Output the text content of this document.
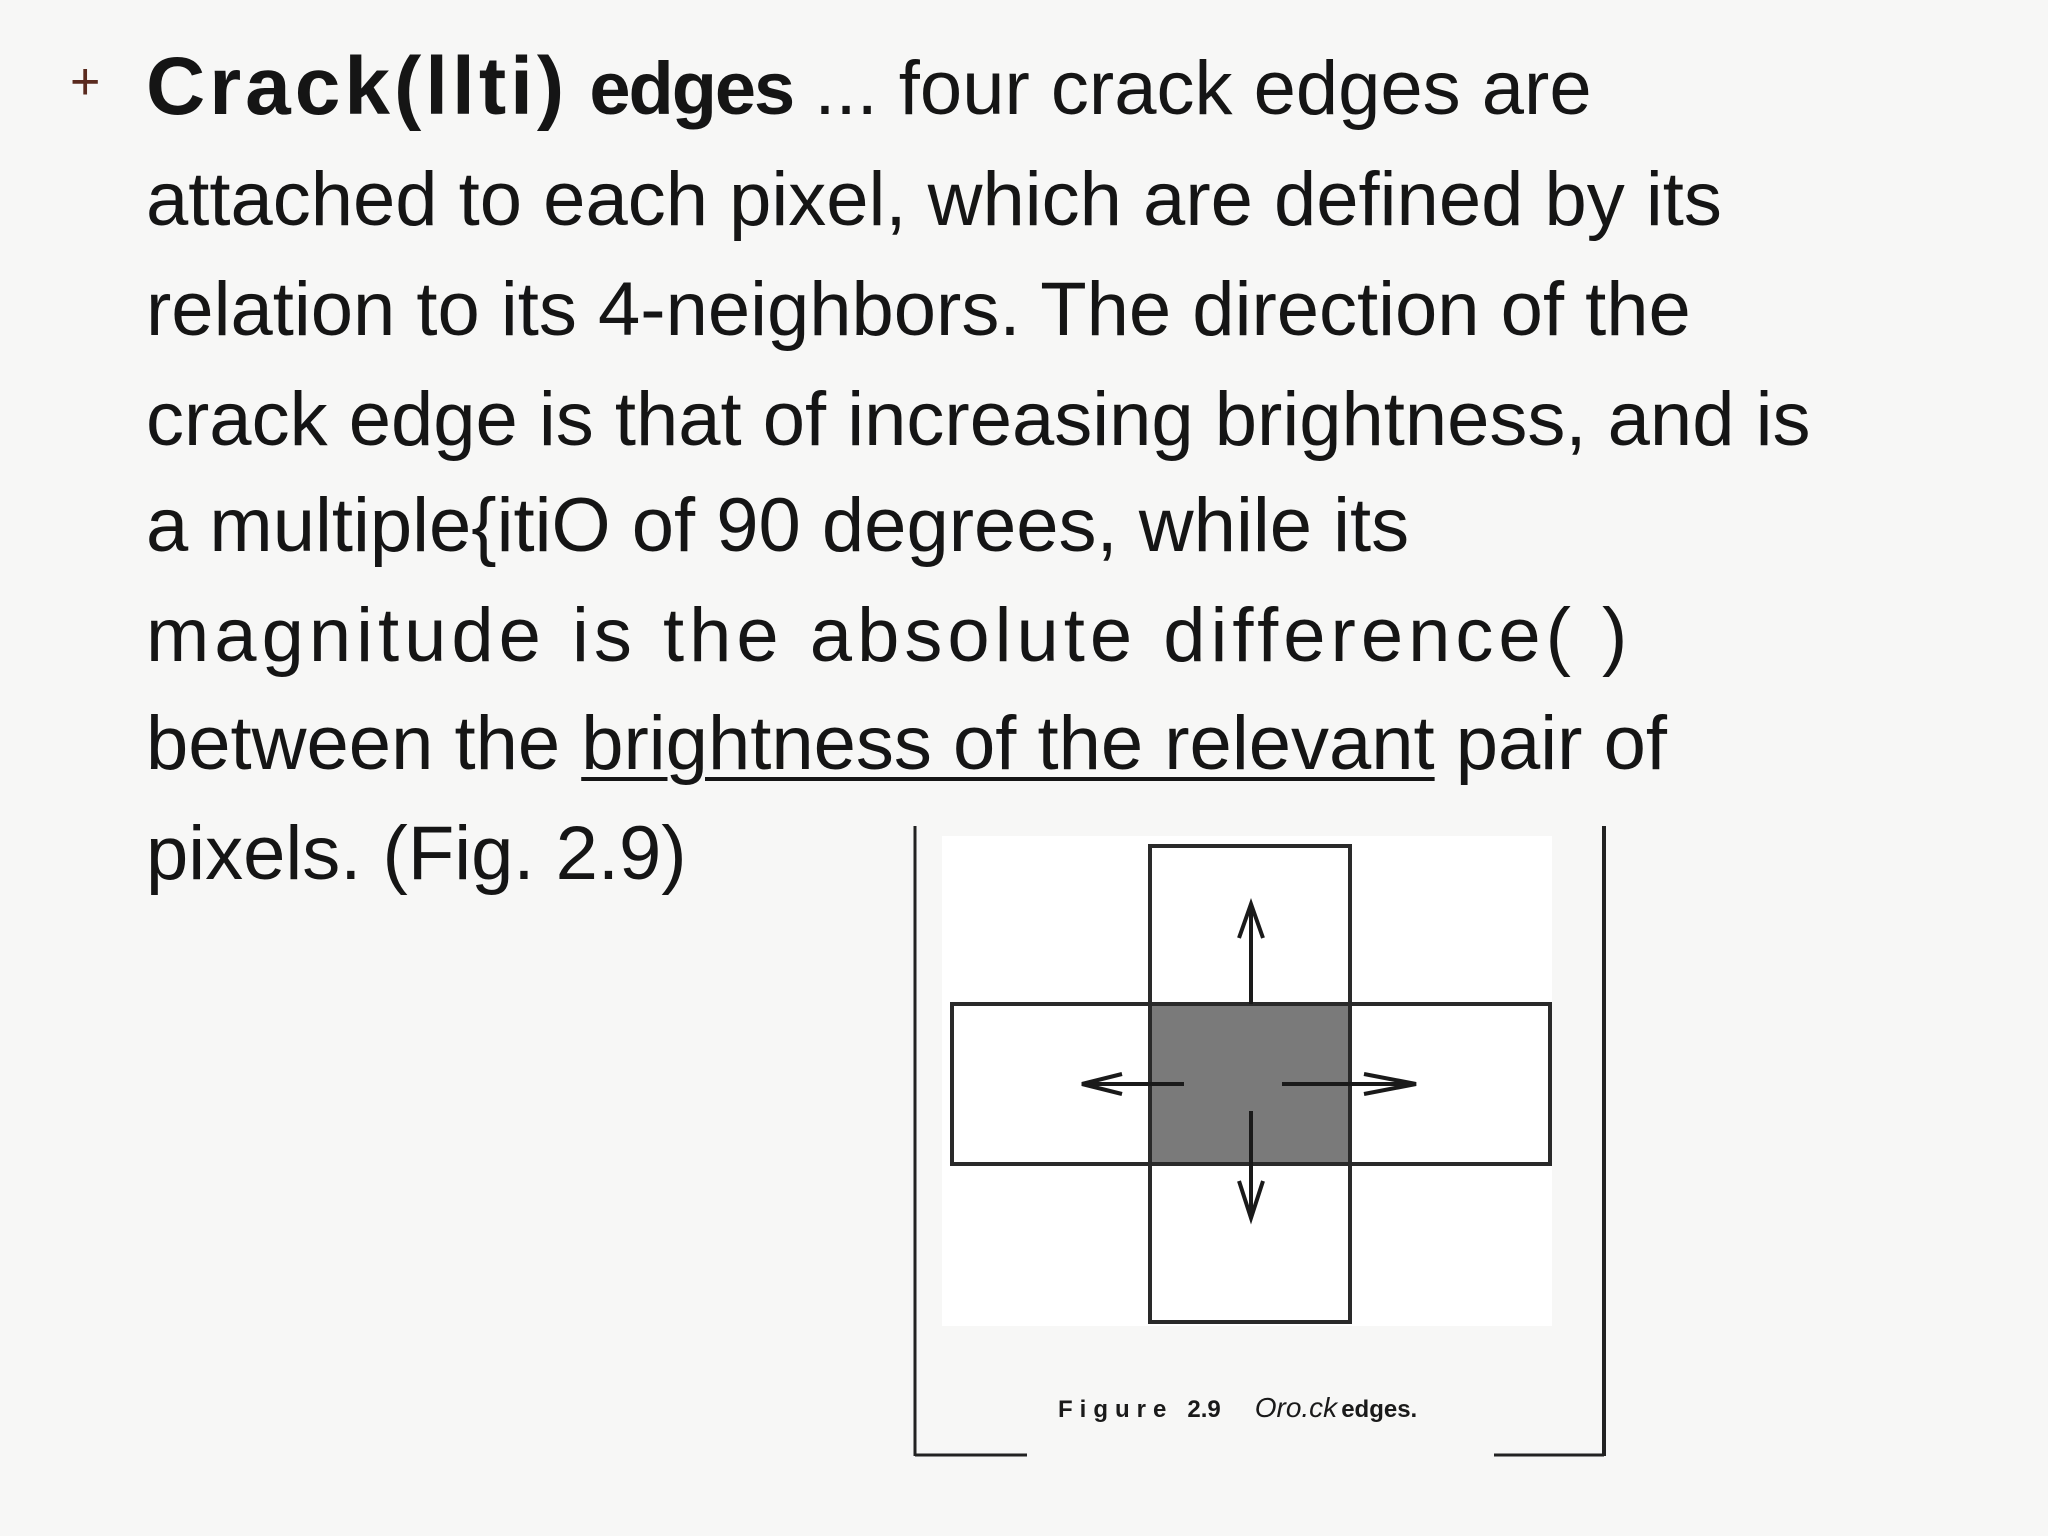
+ Crack(llti) edges ... four crack edges are
attached to each pixel, which are defined by its
relation to its 4-neighbors. The direction of the
crack edge is that of increasing brightness, and is
a multiple{itiO of 90 degrees, while its
magnitude is the absolute difference( )
between the brightness of the relevant pair of
pixels. (Fig. 2.9)
Figure 2.9 Oro.ck edges.
